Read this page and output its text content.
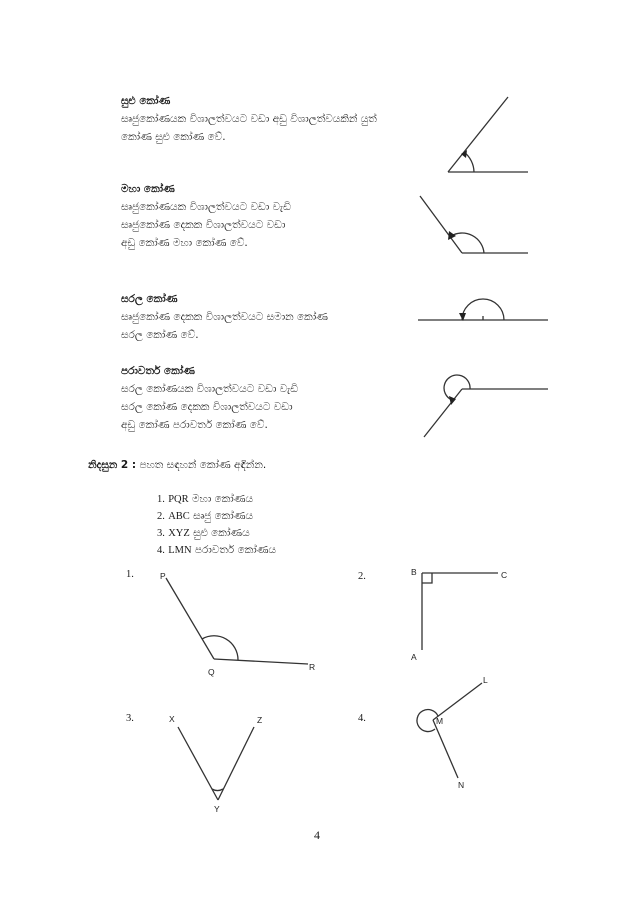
සුළු කෝණ
සෘජුකෝණයක විශාලත්වයට වඩා අඩු විශාලත්වයකින් යුත්
කෝණ සුළු කෝණ වේ.
මහා කෝණ
සෘජුකෝණයක විශාලත්වයට වඩා වැඩි
සෘජුකෝණ දෙකක විශාලත්වයට වඩා
අඩු කෝණ මහා කෝණ වේ.
සරල කෝණ
සෘජුකෝණ දෙකක විශාලත්වයට සමාන කෝණ
සරල කෝණ වේ.
පරාවර්ත කෝණ
සරල කෝණයක විශාලත්වයට වඩා වැඩි
සරල කෝණ දෙකක විශාලත්වයට වඩා
අඩු කෝණ පරාවර්ත කෝණ වේ.
නිදසුන 2 : පහත සඳහන් කෝණ අඳින්න.
1. PQR මහා කෝණය
2. ABC සෘජු කෝණය
3. XYZ සුළු කෝණය
4. LMN පරාවර්ත කෝණය
1.	2.
3.	4.
P
Q	R
B	C
A
X	Z
Y
L
M
N
4
